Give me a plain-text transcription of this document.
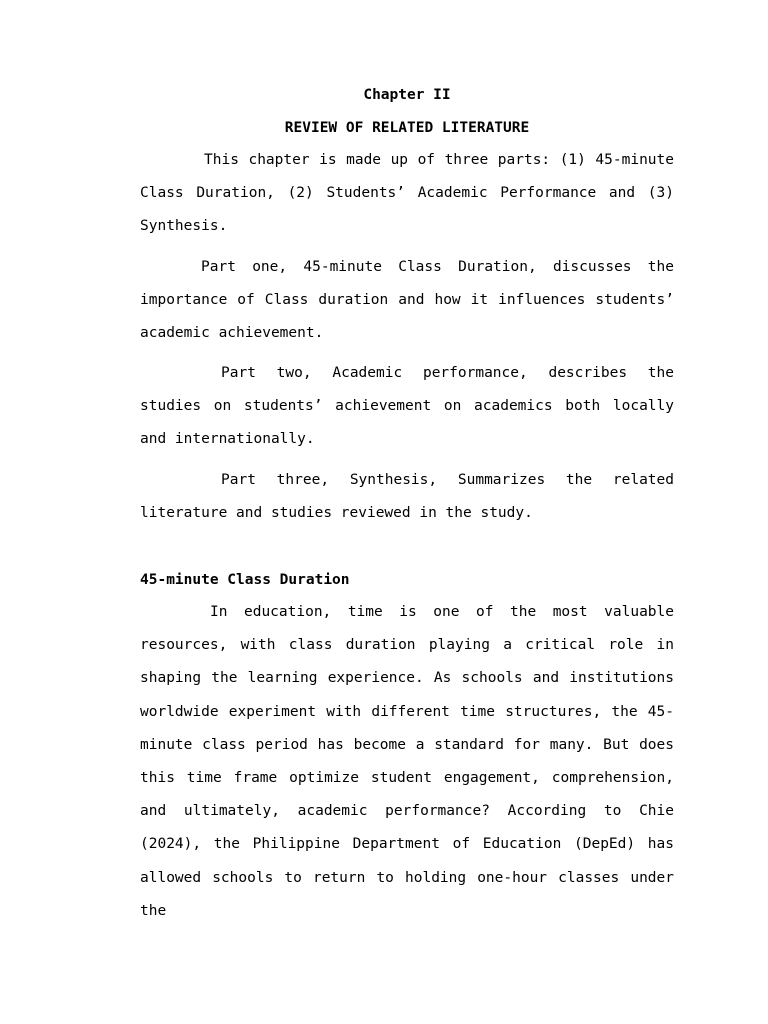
Chapter II
REVIEW OF RELATED LITERATURE

This chapter is made up of three parts: (1) 45-minute Class Duration, (2) Students’ Academic Performance and (3) Synthesis.

Part one, 45-minute Class Duration, discusses the importance of Class duration and how it influences students’ academic achievement.

Part two, Academic performance, describes the studies on students’ achievement on academics both locally and internationally.

Part three, Synthesis, Summarizes the related literature and studies reviewed in the study.

45-minute Class Duration

In education, time is one of the most valuable resources, with class duration playing a critical role in shaping the learning experience. As schools and institutions worldwide experiment with different time structures, the 45-minute class period has become a standard for many. But does this time frame optimize student engagement, comprehension, and ultimately, academic performance? According to Chie (2024), the Philippine Department of Education (DepEd) has allowed schools to return to holding one-hour classes under the
